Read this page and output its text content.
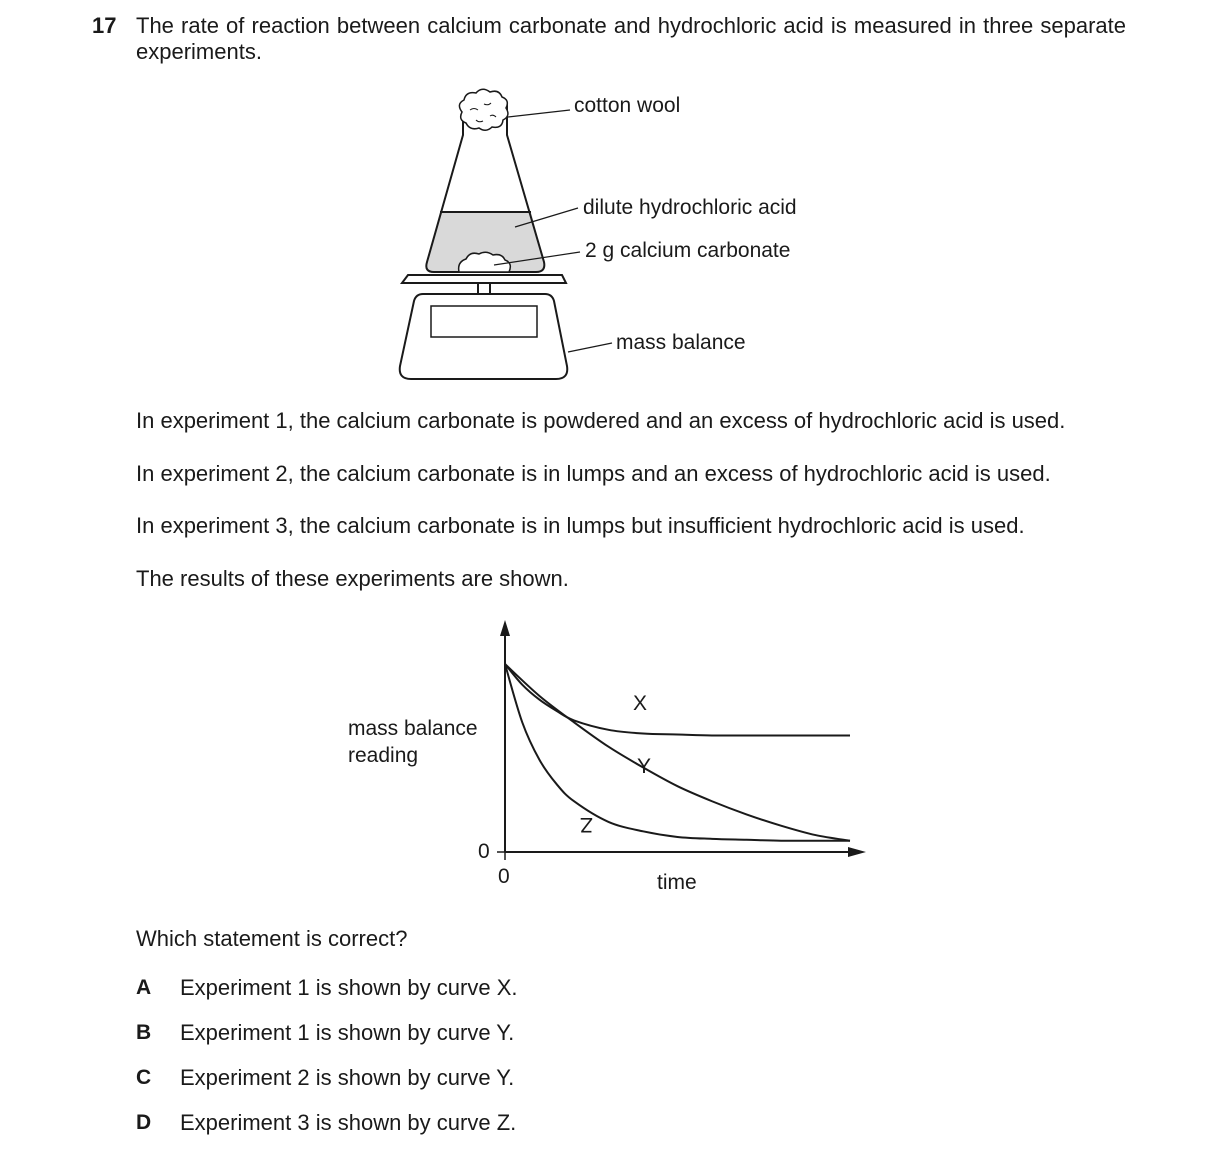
17 The rate of reaction between calcium carbonate and hydrochloric acid is measured in three separate experiments.
cotton wool
dilute hydrochloric acid
2 g calcium carbonate
mass balance
In experiment 1, the calcium carbonate is powdered and an excess of hydrochloric acid is used.
In experiment 2, the calcium carbonate is in lumps and an excess of hydrochloric acid is used.
In experiment 3, the calcium carbonate is in lumps but insufficient hydrochloric acid is used.
The results of these experiments are shown.
mass balance reading
0
0	time
X
Y
Z
Which statement is correct?
A Experiment 1 is shown by curve X.
B Experiment 1 is shown by curve Y.
C Experiment 2 is shown by curve Y.
D Experiment 3 is shown by curve Z.
